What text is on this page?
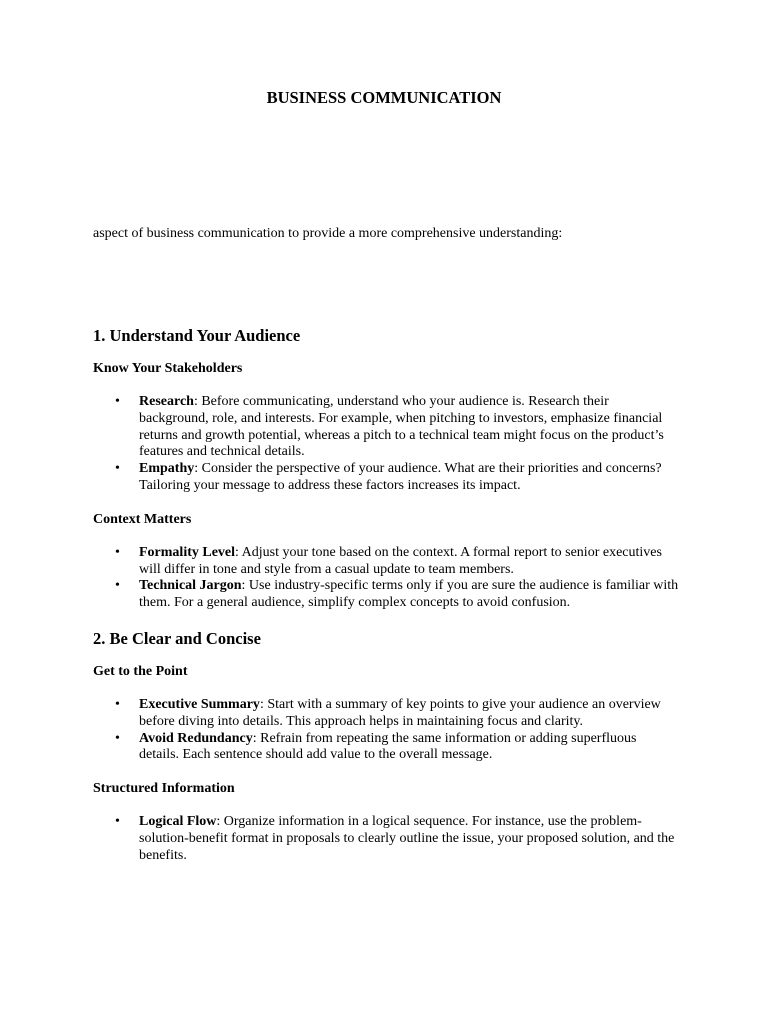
BUSINESS COMMUNICATION

aspect of business communication to provide a more comprehensive understanding:

1. Understand Your Audience
Know Your Stakeholders
• Research: Before communicating, understand who your audience is. Research their background, role, and interests. For example, when pitching to investors, emphasize financial returns and growth potential, whereas a pitch to a technical team might focus on the product’s features and technical details.
• Empathy: Consider the perspective of your audience. What are their priorities and concerns? Tailoring your message to address these factors increases its impact.
Context Matters
• Formality Level: Adjust your tone based on the context. A formal report to senior executives will differ in tone and style from a casual update to team members.
• Technical Jargon: Use industry-specific terms only if you are sure the audience is familiar with them. For a general audience, simplify complex concepts to avoid confusion.
2. Be Clear and Concise
Get to the Point
• Executive Summary: Start with a summary of key points to give your audience an overview before diving into details. This approach helps in maintaining focus and clarity.
• Avoid Redundancy: Refrain from repeating the same information or adding superfluous details. Each sentence should add value to the overall message.
Structured Information
• Logical Flow: Organize information in a logical sequence. For instance, use the problem-solution-benefit format in proposals to clearly outline the issue, your proposed solution, and the benefits.
